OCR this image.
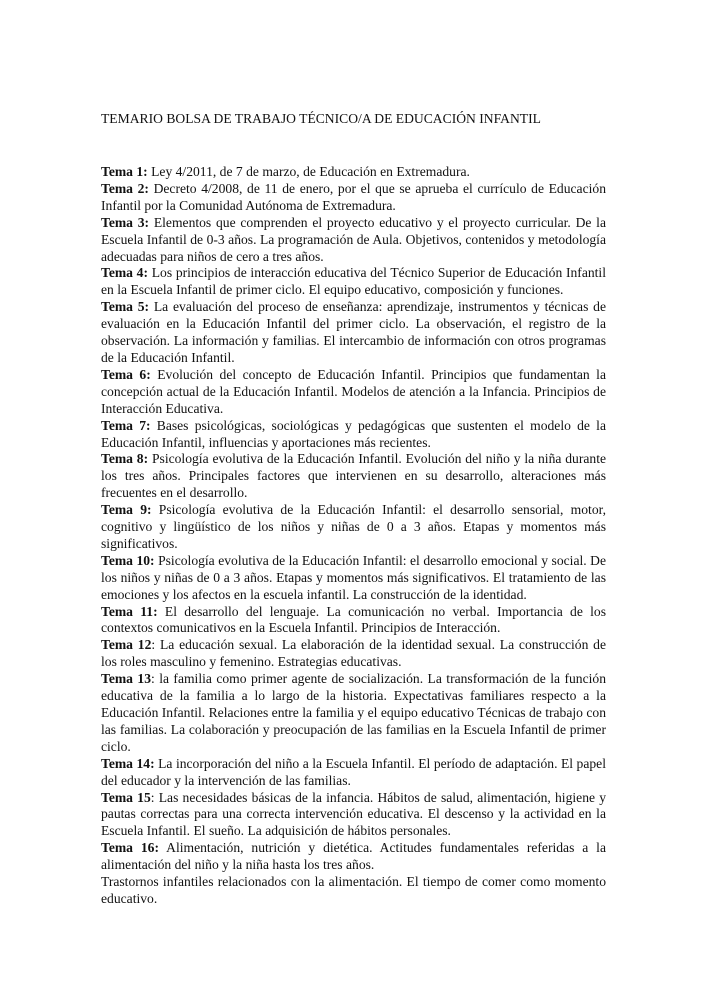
TEMARIO BOLSA DE TRABAJO TÉCNICO/A DE EDUCACIÓN INFANTIL

Tema 1: Ley 4/2011, de 7 de marzo, de Educación en Extremadura.

Tema 2: Decreto 4/2008, de 11 de enero, por el que se aprueba el currículo de Educación Infantil por la Comunidad Autónoma de Extremadura.

Tema 3: Elementos que comprenden el proyecto educativo y el proyecto curricular. De la Escuela Infantil de 0-3 años. La programación de Aula. Objetivos, contenidos y metodología adecuadas para niños de cero a tres años.

Tema 4: Los principios de interacción educativa del Técnico Superior de Educación Infantil en la Escuela Infantil de primer ciclo. El equipo educativo, composición y funciones.

Tema 5: La evaluación del proceso de enseñanza: aprendizaje, instrumentos y técnicas de evaluación en la Educación Infantil del primer ciclo. La observación, el registro de la observación. La información y familias. El intercambio de información con otros programas de la Educación Infantil.

Tema 6: Evolución del concepto de Educación Infantil. Principios que fundamentan la concepción actual de la Educación Infantil. Modelos de atención a la Infancia. Principios de Interacción Educativa.

Tema 7: Bases psicológicas, sociológicas y pedagógicas que sustenten el modelo de la Educación Infantil, influencias y aportaciones más recientes.

Tema 8: Psicología evolutiva de la Educación Infantil. Evolución del niño y la niña durante los tres años. Principales factores que intervienen en su desarrollo, alteraciones más frecuentes en el desarrollo.

Tema 9: Psicología evolutiva de la Educación Infantil: el desarrollo sensorial, motor, cognitivo y lingüístico de los niños y niñas de 0 a 3 años. Etapas y momentos más significativos.

Tema 10: Psicología evolutiva de la Educación Infantil: el desarrollo emocional y social. De los niños y niñas de 0 a 3 años. Etapas y momentos más significativos. El tratamiento de las emociones y los afectos en la escuela infantil. La construcción de la identidad.

Tema 11: El desarrollo del lenguaje. La comunicación no verbal. Importancia de los contextos comunicativos en la Escuela Infantil. Principios de Interacción.

Tema 12: La educación sexual. La elaboración de la identidad sexual. La construcción de los roles masculino y femenino. Estrategias educativas.

Tema 13: la familia como primer agente de socialización. La transformación de la función educativa de la familia a lo largo de la historia. Expectativas familiares respecto a la Educación Infantil. Relaciones entre la familia y el equipo educativo Técnicas de trabajo con las familias. La colaboración y preocupación de las familias en la Escuela Infantil de primer ciclo.

Tema 14: La incorporación del niño a la Escuela Infantil. El período de adaptación. El papel del educador y la intervención de las familias.

Tema 15: Las necesidades básicas de la infancia. Hábitos de salud, alimentación, higiene y pautas correctas para una correcta intervención educativa. El descenso y la actividad en la Escuela Infantil. El sueño. La adquisición de hábitos personales.

Tema 16: Alimentación, nutrición y dietética. Actitudes fundamentales referidas a la alimentación del niño y la niña hasta los tres años.

Trastornos infantiles relacionados con la alimentación. El tiempo de comer como momento educativo.
